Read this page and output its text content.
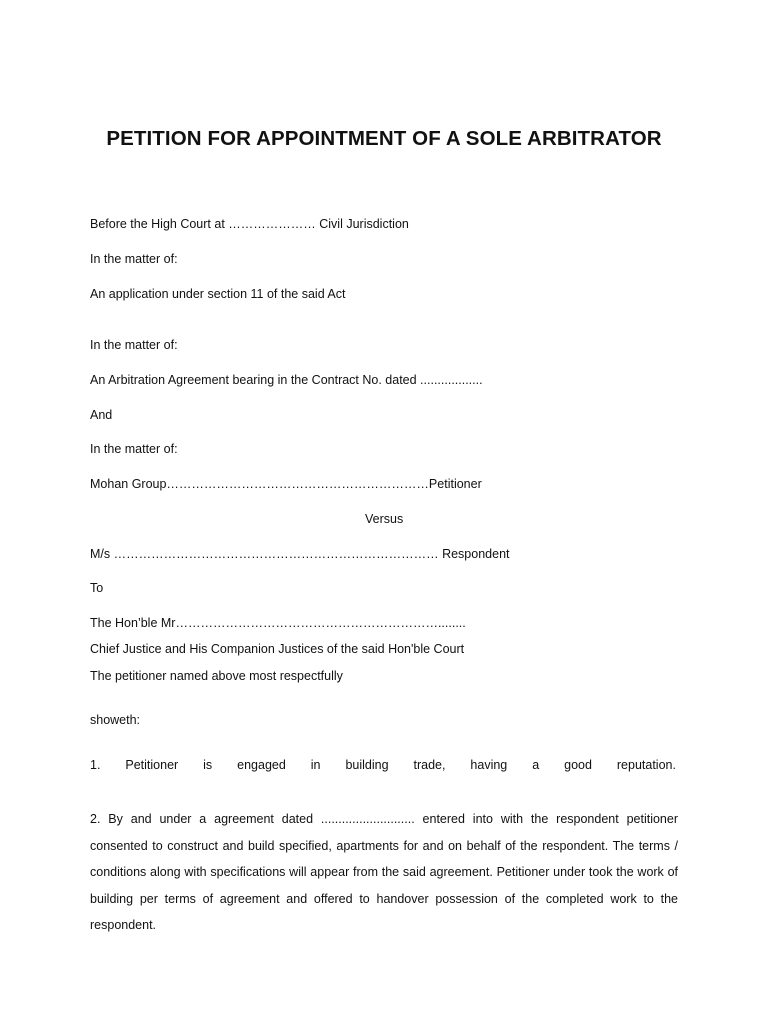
PETITION FOR APPOINTMENT OF A SOLE ARBITRATOR

Before the High Court at ………………… Civil Jurisdiction

In the matter of:

An application under section 11 of the said Act

In the matter of:

An Arbitration Agreement bearing in the Contract No. dated ..................

And

In the matter of:

Mohan Group………………………………………………………Petitioner

Versus

M/s …………………………………………………………………… Respondent

To

The Hon’ble Mr………………………………………………………........

Chief Justice and His Companion Justices of the said Hon'ble Court

The petitioner named above most respectfully

showeth:

1. Petitioner is engaged in building trade, having a good reputation.

2. By and under a agreement dated ........................... entered into with the respondent petitioner consented to construct and build specified, apartments for and on behalf of the respondent. The terms / conditions along with specifications will appear from the said agreement. Petitioner under took the work of building per terms of agreement and offered to handover possession of the completed work to the respondent.
